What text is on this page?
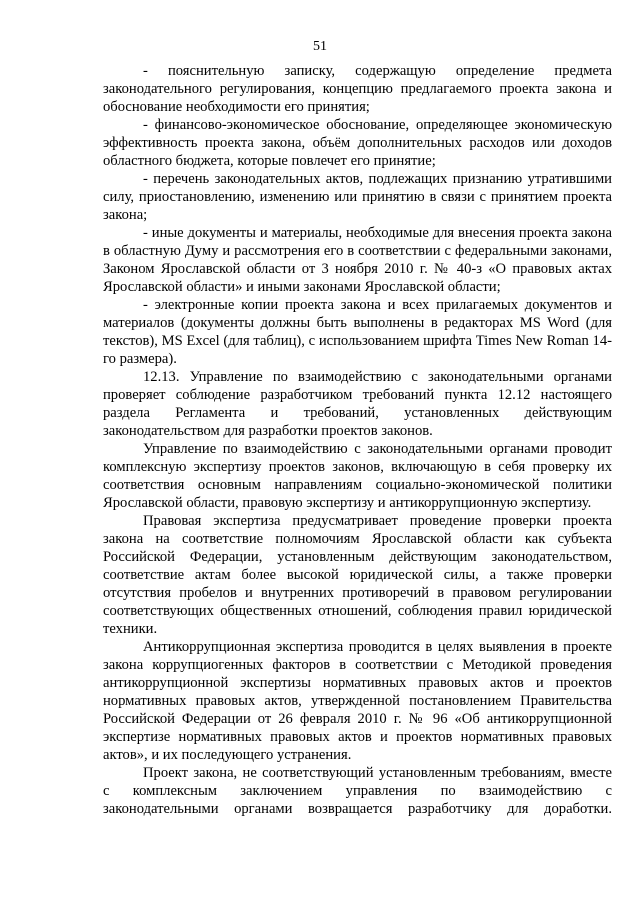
51

- пояснительную записку, содержащую определение предмета законодательного регулирования, концепцию предлагаемого проекта закона и обоснование необходимости его принятия;

- финансово-экономическое обоснование, определяющее экономическую эффективность проекта закона, объём дополнительных расходов или доходов областного бюджета, которые повлечет его принятие;

- перечень законодательных актов, подлежащих признанию утратившими силу, приостановлению, изменению или принятию в связи с принятием проекта закона;

- иные документы и материалы, необходимые для внесения проекта закона в областную Думу и рассмотрения его в соответствии с федеральными законами, Законом Ярославской области от 3 ноября 2010 г. № 40-з «О правовых актах Ярославской области» и иными законами Ярославской области;

- электронные копии проекта закона и всех прилагаемых документов и материалов (документы должны быть выполнены в редакторах MS Word (для текстов), MS Excel (для таблиц), с использованием шрифта Times New Roman 14-го размера).

12.13. Управление по взаимодействию с законодательными органами проверяет соблюдение разработчиком требований пункта 12.12 настоящего раздела Регламента и требований, установленных действующим законодательством для разработки проектов законов.

Управление по взаимодействию с законодательными органами проводит комплексную экспертизу проектов законов, включающую в себя проверку их соответствия основным направлениям социально-экономической политики Ярославской области, правовую экспертизу и антикоррупционную экспертизу.

Правовая экспертиза предусматривает проведение проверки проекта закона на соответствие полномочиям Ярославской области как субъекта Российской Федерации, установленным действующим законодательством, соответствие актам более высокой юридической силы, а также проверки отсутствия пробелов и внутренних противоречий в правовом регулировании соответствующих общественных отношений, соблюдения правил юридической техники.

Антикоррупционная экспертиза проводится в целях выявления в проекте закона коррупциогенных факторов в соответствии с Методикой проведения антикоррупционной экспертизы нормативных правовых актов и проектов нормативных правовых актов, утвержденной постановлением Правительства Российской Федерации от 26 февраля 2010 г. № 96 «Об антикоррупционной экспертизе нормативных правовых актов и проектов нормативных правовых актов», и их последующего устранения.

Проект закона, не соответствующий установленным требованиям, вместе с комплексным заключением управления по взаимодействию с законодательными органами возвращается разработчику для доработки.
